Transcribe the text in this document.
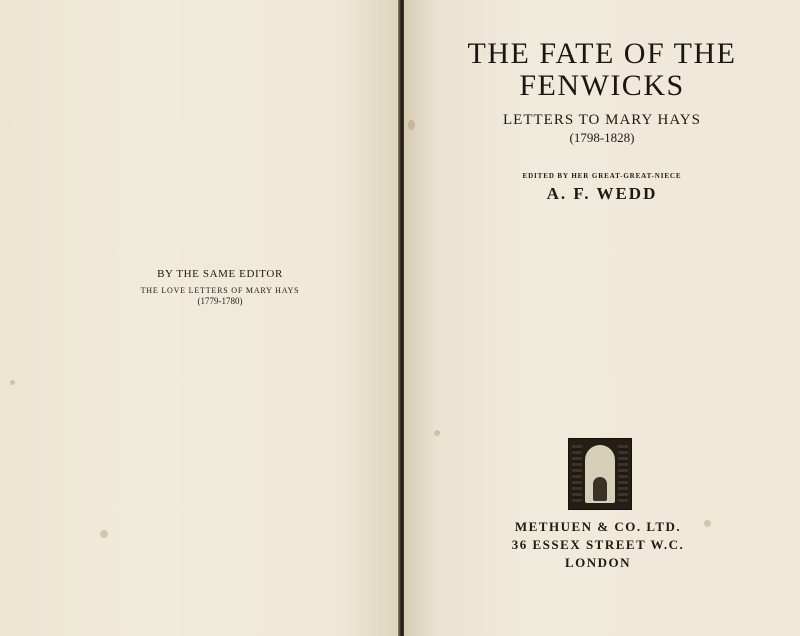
BY THE SAME EDITOR
THE LOVE LETTERS OF MARY HAYS
(1779-1780)
THE FATE OF THE
FENWICKS
LETTERS TO MARY HAYS
(1798-1828)
EDITED BY HER GREAT-GREAT-NIECE
A. F. WEDD
METHUEN & CO. LTD.
36 ESSEX STREET W.C.
LONDON
